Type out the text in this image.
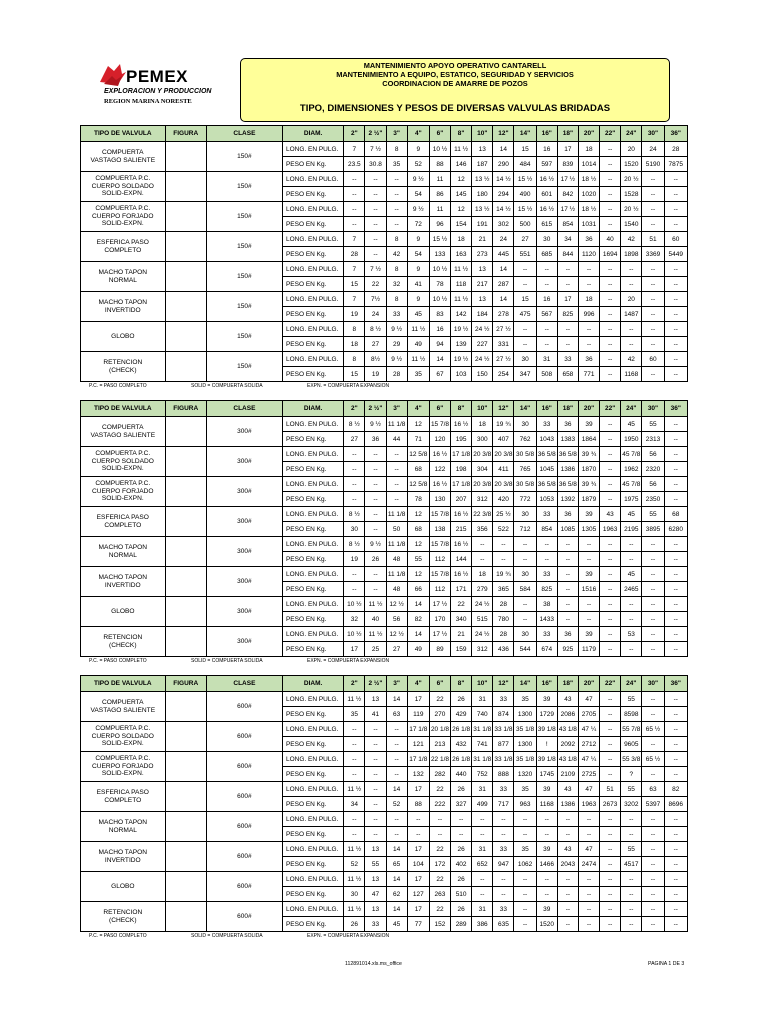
PEMEX
EXPLORACION Y PRODUCCION
REGION MARINA NORESTE
MANTENIMIENTO APOYO OPERATIVO CANTARELL
MANTENIMIENTO A EQUIPO, ESTATICO, SEGURIDAD Y SERVICIOS
COORDINACION DE AMARRE DE POZOS
TIPO, DIMENSIONES Y PESOS DE DIVERSAS VALVULAS BRIDADAS
TIPO DE VALVULA	FIGURA	CLASE	DIAM.	2"	2 ½"	3"	4"	6"	8"	10"	12"	14"	16"	18"	20"	22"	24"	30"	36"

COMPUERTA
VASTAGO SALIENTE		150#	LONG. EN PULG.	7	7 ½	8	9	10 ½	11 ½	13	14	15	16	17	18	--	20	24	28
			PESO EN Kg.	23.5	30.8	35	52	88	146	187	290	484	597	839	1014	--	1520	5190	7875

COMPUERTA P.C.
CUERPO SOLDADO
SOLID-EXPN.		150#	LONG. EN PULG.	--	--	--	9 ½	11	12	13 ½	14 ½	15 ½	16 ½	17 ½	18 ½	--	20 ½	--	--
			PESO EN Kg.	--	--	--	54	86	145	180	294	490	601	842	1020	--	1528	--	--

COMPUERTA P.C.
CUERPO FORJADO
SOLID-EXPN.		150#	LONG. EN PULG.	--	--	--	9 ½	11	12	13 ½	14 ½	15 ½	16 ½	17 ½	18 ½	--	20 ½	--	--
			PESO EN Kg.	--	--	--	72	96	154	191	302	500	615	854	1031	--	1540	--	--

ESFERICA PASO
COMPLETO		150#	LONG. EN PULG.	7	--	8	9	15 ½	18	21	24	27	30	34	36	40	42	51	60
			PESO EN Kg.	28	--	42	54	133	163	273	445	551	685	844	1120	1694	1898	3369	5449

MACHO TAPON
NORMAL		150#	LONG. EN PULG.	7	7 ½	8	9	10 ½	11 ½	13	14	--	--	--	--	--	--	--	--
			PESO EN Kg.	15	22	32	41	78	118	217	287	--	--	--	--	--	--	--	--

MACHO TAPON
INVERTIDO		150#	LONG. EN PULG.	7	7½	8	9	10 ½	11 ½	13	14	15	16	17	18	--	20	--	--
			PESO EN Kg.	19	24	33	45	83	142	184	278	475	567	825	996	--	1487	--	--

GLOBO		150#	LONG. EN PULG.	8	8 ½	9 ½	11 ½	16	19 ½	24 ½	27 ½	--	--	--	--	--	--	--	--
			PESO EN Kg.	18	27	29	49	94	139	227	331	--	--	--	--	--	--	--	--

RETENCION
(CHECK)		150#	LONG. EN PULG.	8	8½	9 ½	11 ½	14	19 ½	24 ½	27 ½	30	31	33	36	--	42	60	--
			PESO EN Kg.	15	19	28	35	67	103	150	254	347	508	658	771	--	1168	--	--
P.C. = PASO COMPLETO	SOLID = COMPUERTA SOLIDA	EXPN. = COMPUERTA EXPANSION
TIPO DE VALVULA	FIGURA	CLASE	DIAM.	2"	2 ½"	3"	4"	6"	8"	10"	12"	14"	16"	18"	20"	22"	24"	30"	36"

COMPUERTA
VASTAGO SALIENTE		300#	LONG. EN PULG.	8 ½	9 ½	11 1/8	12	15 7/8	16 ½	18	19 ¾	30	33	36	39	--	45	55	--
			PESO EN Kg.	27	36	44	71	120	195	300	407	762	1043	1383	1864	--	1950	2313	--

COMPUERTA P.C.
CUERPO SOLDADO
SOLID-EXPN.		300#	LONG. EN PULG.	--	--	--	12 5/8	16 ½	17 1/8	20 3/8	20 3/8	30 5/8	36 5/8	36 5/8	39 ¾	--	45 7/8	56	--
			PESO EN Kg.	--	--	--	68	122	198	304	411	765	1045	1386	1870	--	1962	2320	--

COMPUERTA P.C.
CUERPO FORJADO
SOLID-EXPN.		300#	LONG. EN PULG.	--	--	--	12 5/8	16 ½	17 1/8	20 3/8	20 3/8	30 5/8	36 5/8	36 5/8	39 ¾	--	45 7/8	56	--
			PESO EN Kg.	--	--	--	78	130	207	312	420	772	1053	1392	1879	--	1975	2350	--

ESFERICA PASO
COMPLETO		300#	LONG. EN PULG.	8 ½	--	11 1/8	12	15 7/8	16 ½	22 3/8	25 ½	30	33	36	39	43	45	55	68
			PESO EN Kg.	30	--	50	68	138	215	356	522	712	854	1085	1305	1963	2195	3895	6280

MACHO TAPON
NORMAL		300#	LONG. EN PULG.	8 ½	9 ½	11 1/8	12	15 7/8	16 ½	--	--	--	--	--	--	--	--	--	--
			PESO EN Kg.	19	26	48	55	112	144	--	--	--	--	--	--	--	--	--	--

MACHO TAPON
INVERTIDO		300#	LONG. EN PULG.	--	--	11 1/8	12	15 7/8	16 ½	18	19 ¾	30	33	--	39	--	45	--	--
			PESO EN Kg.	--	--	48	66	112	171	279	365	584	825	--	1516	--	2465	--	--

GLOBO		300#	LONG. EN PULG.	10 ½	11 ½	12 ½	14	17 ½	22	24 ½	28	--	38	--	--	--	--	--	--
			PESO EN Kg.	32	40	56	82	170	340	515	780	--	1433	--	--	--	--	--	--

RETENCION
(CHECK)		300#	LONG. EN PULG.	10 ½	11 ½	12 ½	14	17 ½	21	24 ½	28	30	33	36	39	--	53	--	--
			PESO EN Kg.	17	25	27	49	89	159	312	436	544	674	925	1179	--	--	--	--
P.C. = PASO COMPLETO	SOLID = COMPUERTA SOLIDA	EXPN. = COMPUERTA EXPANSION
TIPO DE VALVULA	FIGURA	CLASE	DIAM.	2"	2 ½"	3"	4"	6"	8"	10"	12"	14"	16"	18"	20"	22"	24"	30"	36"

COMPUERTA
VASTAGO SALIENTE		600#	LONG. EN PULG.	11 ½	13	14	17	22	26	31	33	35	39	43	47	--	55	--	--
			PESO EN Kg.	35	41	63	119	270	429	740	874	1300	1729	2086	2705	--	8598	--	--

COMPUERTA P.C.
CUERPO SOLDADO
SOLID-EXPN.		600#	LONG. EN PULG.	--	--	--	17 1/8	20 1/8	26 1/8	31 1/8	33 1/8	35 1/8	39 1/8	43 1/8	47 ¼	--	55 7/8	65 ½	--
			PESO EN Kg.	--	--	--	121	213	432	741	877	1300	!	2092	2712	--	9605	--	--

COMPUERTA P.C.
CUERPO FORJADO
SOLID-EXPN.		600#	LONG. EN PULG.	--	--	--	17 1/8	22 1/8	26 1/8	31 1/8	33 1/8	35 1/8	39 1/8	43 1/8	47 ¼	--	55 3/8	65 ½	--
			PESO EN Kg.	--	--	--	132	282	440	752	888	1320	1745	2109	2725	--	?	--	--

ESFERICA PASO
COMPLETO		600#	LONG. EN PULG.	11 ½	--	14	17	22	26	31	33	35	39	43	47	51	55	63	82
			PESO EN Kg.	34	--	52	88	222	327	499	717	963	1168	1386	1963	2673	3202	5397	8696

MACHO TAPON
NORMAL		600#	LONG. EN PULG.	--	--	--	--	--	--	--	--	--	--	--	--	--	--	--	--
			PESO EN Kg.	--	--	--	--	--	--	--	--	--	--	--	--	--	--	--	--

MACHO TAPON
INVERTIDO		600#	LONG. EN PULG.	11 ½	13	14	17	22	26	31	33	35	39	43	47	--	55	--	--
			PESO EN Kg.	52	55	65	104	172	402	652	947	1062	1466	2043	2474	--	4517	--	--

GLOBO		600#	LONG. EN PULG.	11 ½	13	14	17	22	26	--	--	--	--	--	--	--	--	--	--
			PESO EN Kg.	30	47	62	127	263	510	--	--	--	--	--	--	--	--	--	--

RETENCION
(CHECK)		600#	LONG. EN PULG.	11 ½	13	14	17	22	26	31	33	--	39	--	--	--	--	--	--
			PESO EN Kg.	26	33	45	77	152	289	386	635	--	1520	--	--	--	--	--	--
P.C. = PASO COMPLETO	SOLID = COMPUERTA SOLIDA	EXPN. = COMPUERTA EXPANSION
112891014.xls.ms_office	PAGINA 1 DE 3
